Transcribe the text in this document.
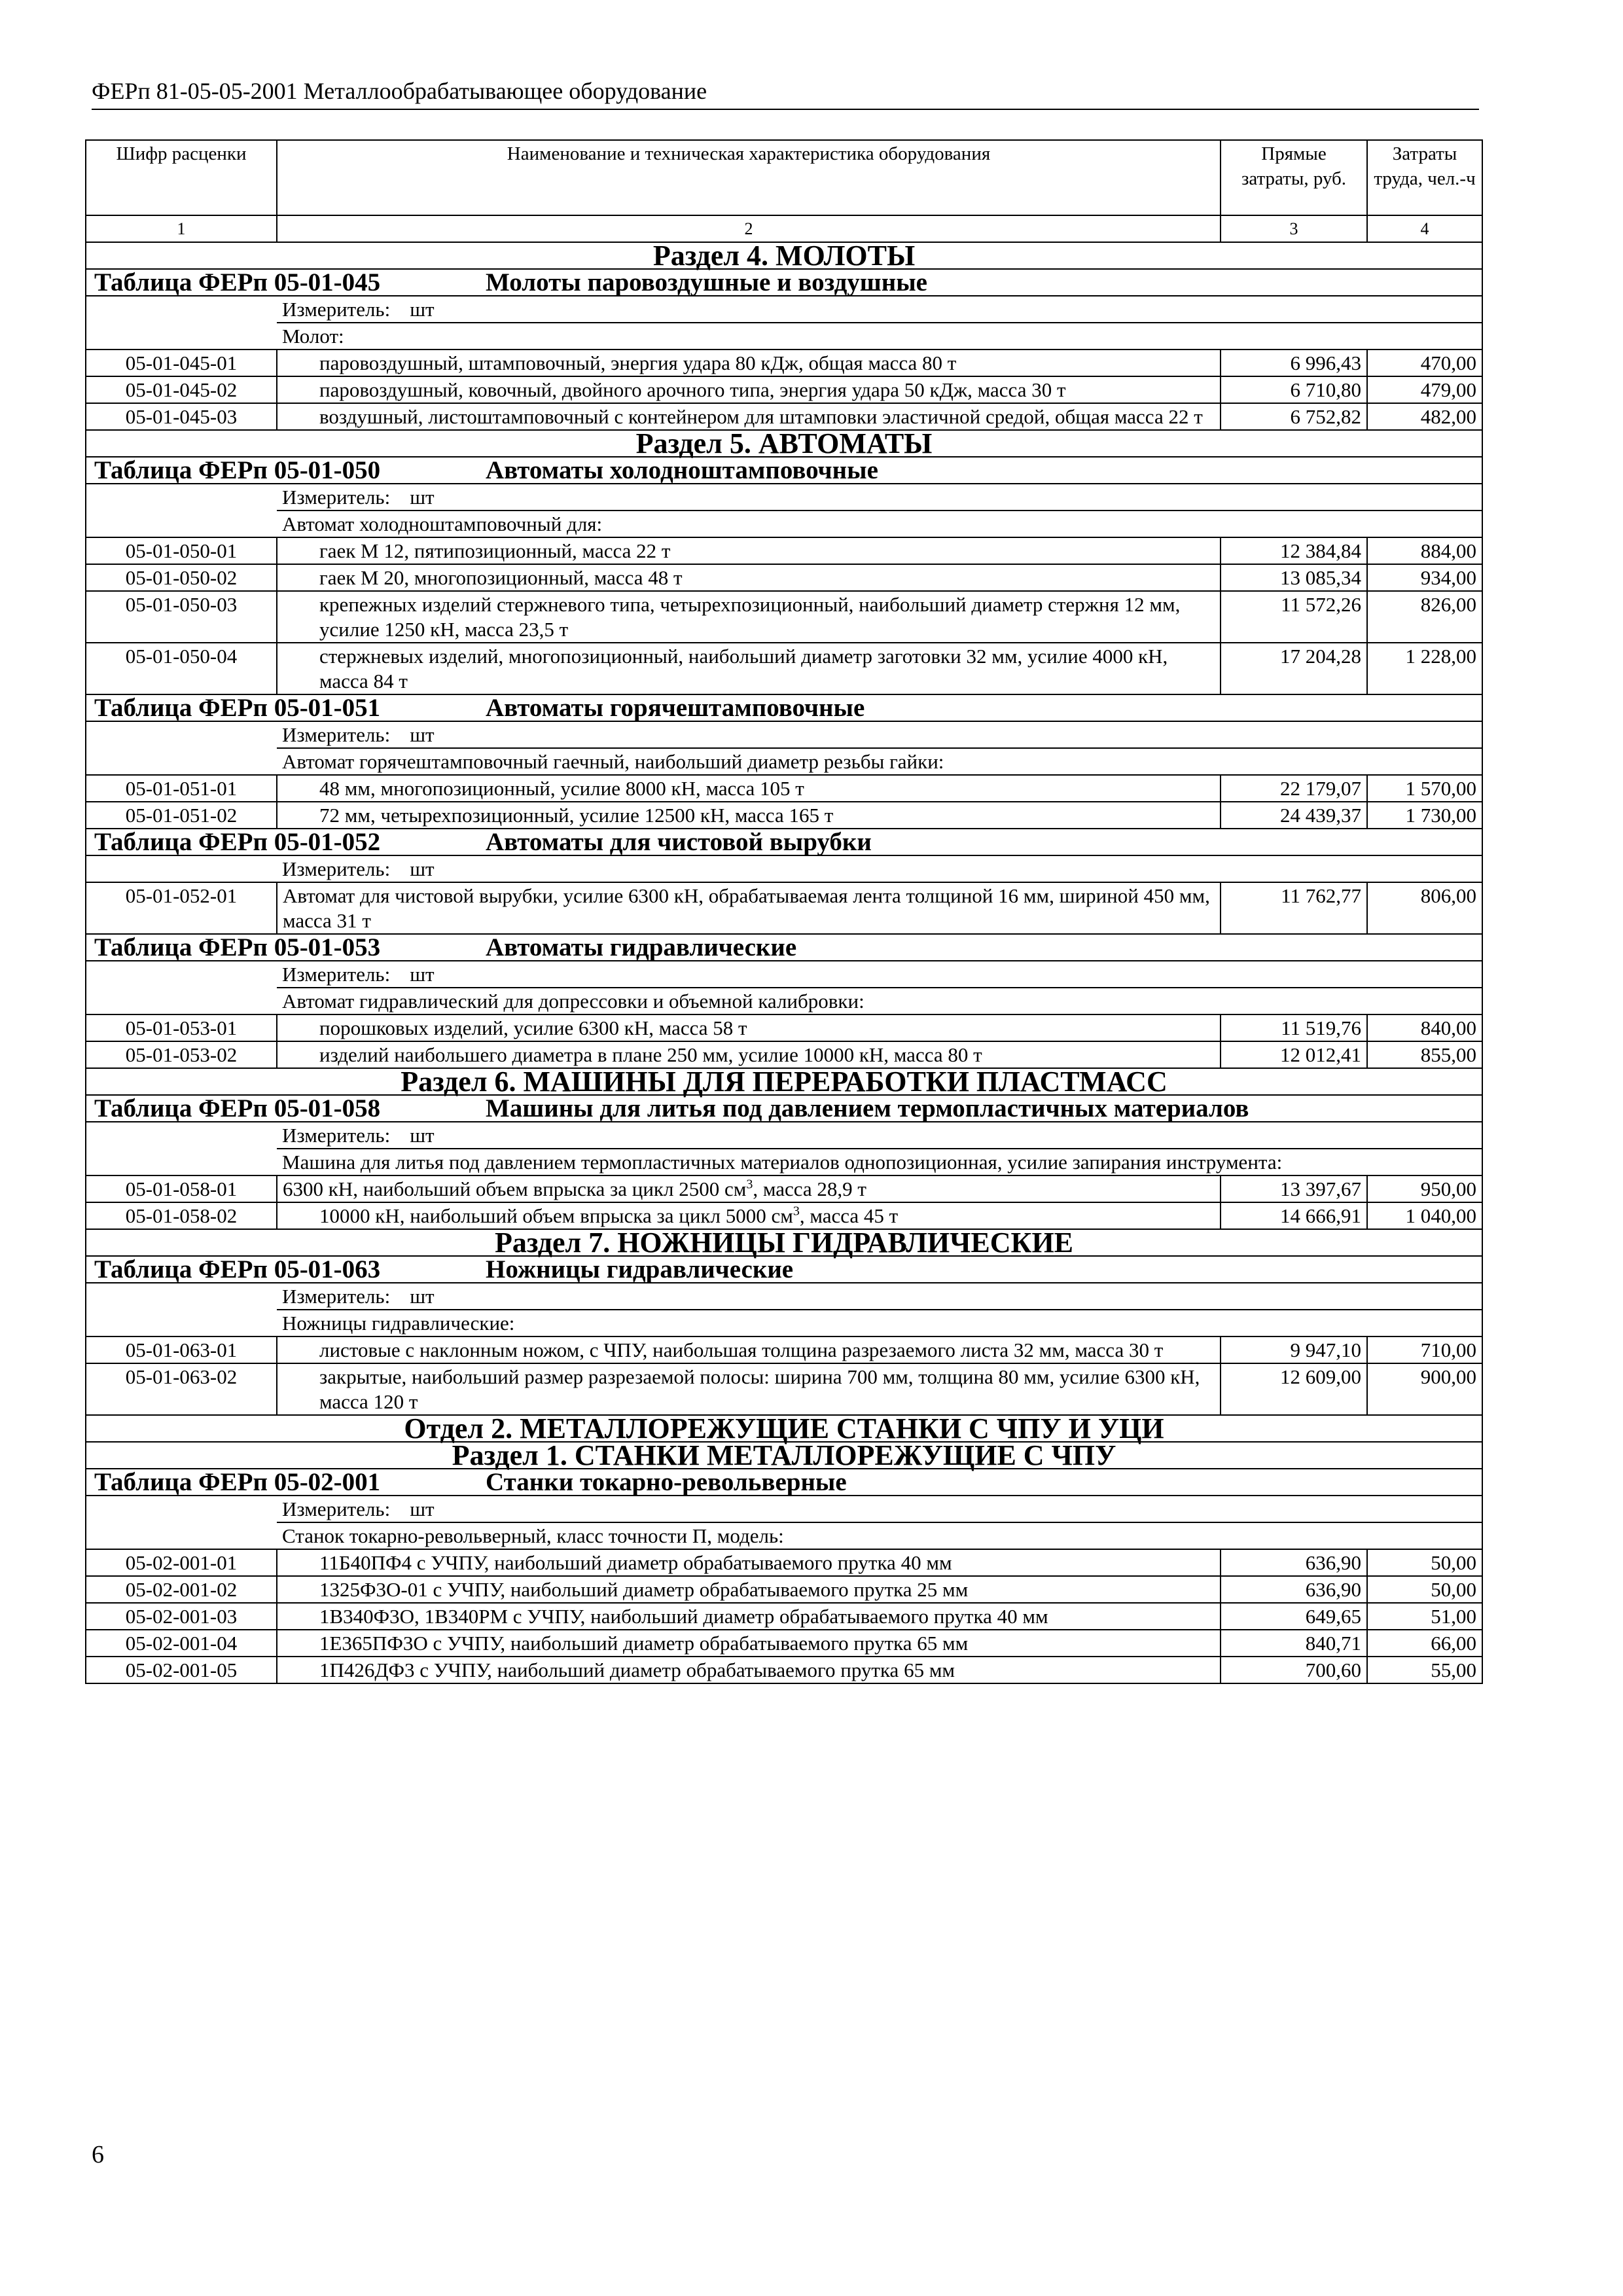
ФЕРп 81-05-05-2001 Металлообрабатывающее оборудование
Шифр расценки	Наименование и техническая характеристика оборудования	Прямые затраты, руб.	Затраты труда, чел.-ч
1	2	3	4
Раздел 4. МОЛОТЫ			
Таблица ФЕРп 05-01-045 Молоты паровоздушные и воздушные			
	Измеритель: шт		
	Молот:		
05-01-045-01	паровоздушный, штамповочный, энергия удара 80 кДж, общая масса 80 т	6 996,43	470,00
05-01-045-02	паровоздушный, ковочный, двойного арочного типа, энергия удара 50 кДж, масса 30 т	6 710,80	479,00
05-01-045-03	воздушный, листоштамповочный с контейнером для штамповки эластичной средой, общая масса 22 т	6 752,82	482,00
Раздел 5. АВТОМАТЫ			
Таблица ФЕРп 05-01-050 Автоматы холодноштамповочные			
	Измеритель: шт		
	Автомат холодноштамповочный для:		
05-01-050-01	гаек М 12, пятипозиционный, масса 22 т	12 384,84	884,00
05-01-050-02	гаек М 20, многопозиционный, масса 48 т	13 085,34	934,00
05-01-050-03	крепежных изделий стержневого типа, четырехпозиционный, наибольший диаметр стержня 12 мм, усилие 1250 кН, масса 23,5 т	11 572,26	826,00
05-01-050-04	стержневых изделий, многопозиционный, наибольший диаметр заготовки 32 мм, усилие 4000 кН, масса 84 т	17 204,28	1 228,00
Таблица ФЕРп 05-01-051 Автоматы горячештамповочные			
	Измеритель: шт		
	Автомат горячештамповочный гаечный, наибольший диаметр резьбы гайки:		
05-01-051-01	48 мм, многопозиционный, усилие 8000 кН, масса 105 т	22 179,07	1 570,00
05-01-051-02	72 мм, четырехпозиционный, усилие 12500 кН, масса 165 т	24 439,37	1 730,00
Таблица ФЕРп 05-01-052 Автоматы для чистовой вырубки			
	Измеритель: шт		
05-01-052-01	Автомат для чистовой вырубки, усилие 6300 кН, обрабатываемая лента толщиной 16 мм, шириной 450 мм, масса 31 т	11 762,77	806,00
Таблица ФЕРп 05-01-053 Автоматы гидравлические			
	Измеритель: шт		
	Автомат гидравлический для допрессовки и объемной калибровки:		
05-01-053-01	порошковых изделий, усилие 6300 кН, масса 58 т	11 519,76	840,00
05-01-053-02	изделий наибольшего диаметра в плане 250 мм, усилие 10000 кН, масса 80 т	12 012,41	855,00
Раздел 6. МАШИНЫ ДЛЯ ПЕРЕРАБОТКИ ПЛАСТМАСС			
Таблица ФЕРп 05-01-058 Машины для литья под давлением термопластичных материалов			
	Измеритель: шт		
	Машина для литья под давлением термопластичных материалов однопозиционная, усилие запирания инструмента:		
05-01-058-01	6300 кН, наибольший объем впрыска за цикл 2500 $см^3$, масса 28,9 т	13 397,67	950,00
05-01-058-02	10000 кН, наибольший объем впрыска за цикл 5000 $см^3$, масса 45 т	14 666,91	1 040,00
Раздел 7. НОЖНИЦЫ ГИДРАВЛИЧЕСКИЕ			
Таблица ФЕРп 05-01-063 Ножницы гидравлические			
	Измеритель: шт		
	Ножницы гидравлические:		
05-01-063-01	листовые с наклонным ножом, с ЧПУ, наибольшая толщина разрезаемого листа 32 мм, масса 30 т	9 947,10	710,00
05-01-063-02	закрытые, наибольший размер разрезаемой полосы: ширина 700 мм, толщина 80 мм, усилие 6300 кН, масса 120 т	12 609,00	900,00
Отдел 2. МЕТАЛЛОРЕЖУЩИЕ СТАНКИ С ЧПУ И УЦИ			
Раздел 1. СТАНКИ МЕТАЛЛОРЕЖУЩИЕ С ЧПУ			
Таблица ФЕРп 05-02-001 Станки токарно-револьверные			
	Измеритель: шт		
	Станок токарно-револьверный, класс точности П, модель:		
05-02-001-01	11Б40ПФ4 с УЧПУ, наибольший диаметр обрабатываемого прутка 40 мм	636,90	50,00
05-02-001-02	1325Ф3О-01 с УЧПУ, наибольший диаметр обрабатываемого прутка 25 мм	636,90	50,00
05-02-001-03	1В340Ф3О, 1В340РМ с УЧПУ, наибольший диаметр обрабатываемого прутка 40 мм	649,65	51,00
05-02-001-04	1Е365ПФ3О с УЧПУ, наибольший диаметр обрабатываемого прутка 65 мм	840,71	66,00
05-02-001-05	1П426ДФ3 с УЧПУ, наибольший диаметр обрабатываемого прутка 65 мм	700,60	55,00
6
